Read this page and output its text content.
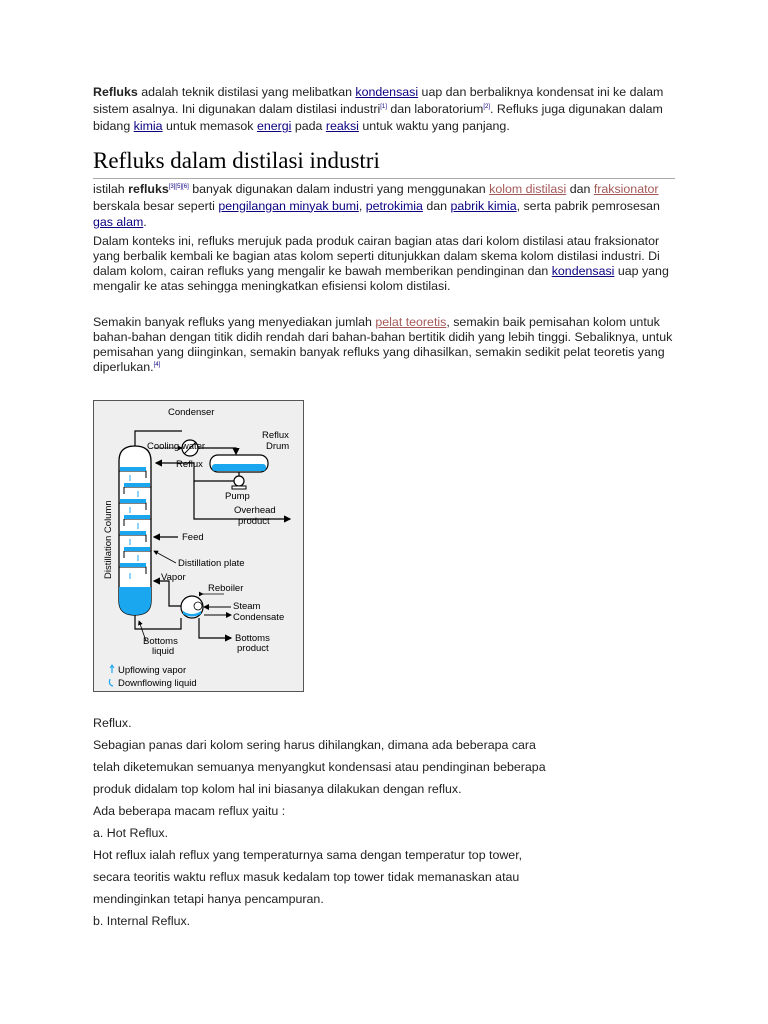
Refluks adalah teknik distilasi yang melibatkan kondensasi uap dan berbaliknya kondensat ini ke dalam sistem asalnya. Ini digunakan dalam distilasi industri[1] dan laboratorium[2]. Refluks juga digunakan dalam bidang kimia untuk memasok energi pada reaksi untuk waktu yang panjang.

Refluks dalam distilasi industri

istilah refluks[3][5][6] banyak digunakan dalam industri yang menggunakan kolom distilasi dan fraksionator berskala besar seperti pengilangan minyak bumi, petrokimia dan pabrik kimia, serta pabrik pemrosesan gas alam.

Dalam konteks ini, refluks merujuk pada produk cairan bagian atas dari kolom distilasi atau fraksionator yang berbalik kembali ke bagian atas kolom seperti ditunjukkan dalam skema kolom distilasi industri. Di dalam kolom, cairan refluks yang mengalir ke bawah memberikan pendinginan dan kondensasi uap yang mengalir ke atas sehingga meningkatkan efisiensi kolom distilasi.

Semakin banyak refluks yang menyediakan jumlah pelat teoretis, semakin baik pemisahan kolom untuk bahan-bahan dengan titik didih rendah dari bahan-bahan bertitik didih yang lebih tinggi. Sebaliknya, untuk pemisahan yang diinginkan, semakin banyak refluks yang dihasilkan, semakin sedikit pelat teoretis yang diperlukan.[4]

Condenser
Cooling water
Reflux
Drum
Reflux
Pump
Overhead
product
Distillation Column	Feed
Distillation plate
Vapor
Reboiler
Steam
Condensate
Bottoms
product
Bottoms
liquid
Upflowing vapor
Downflowing liquid
Reflux.
Sebagian panas dari kolom sering harus dihilangkan, dimana ada beberapa cara
telah diketemukan semuanya menyangkut kondensasi atau pendinginan beberapa
produk didalam top kolom hal ini biasanya dilakukan dengan reflux.
Ada beberapa macam reflux yaitu :
a. Hot Reflux.
Hot reflux ialah reflux yang temperaturnya sama dengan temperatur top tower,
secara teoritis waktu reflux masuk kedalam top tower tidak memanaskan atau
mendinginkan tetapi hanya pencampuran.
b. Internal Reflux.
